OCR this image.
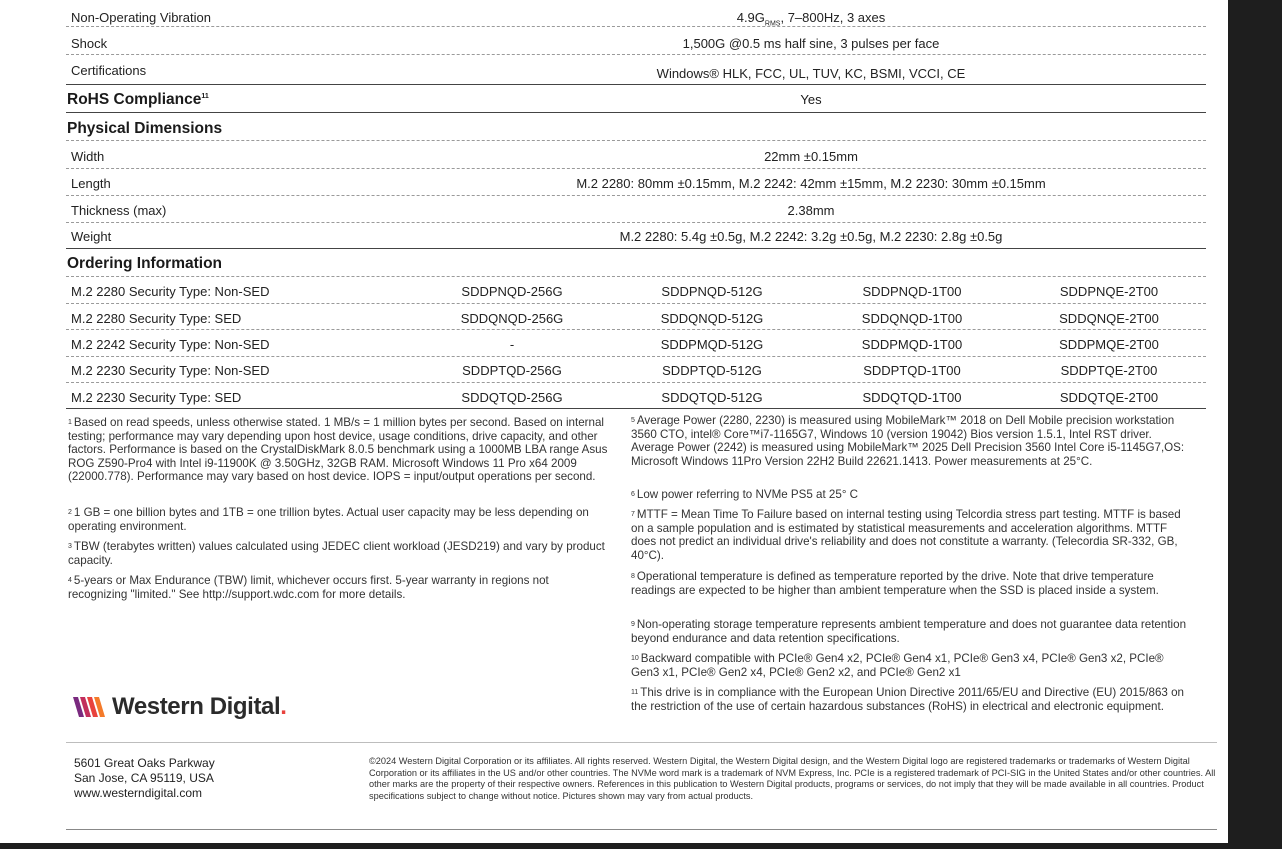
Non-Operating Vibration	$4.9G_{RMS}$, 7–800Hz, 3 axes
Shock	1,500G @0.5 ms half sine, 3 pulses per face
Certifications	Windows® HLK, FCC, UL, TUV, KC, BSMI, VCCI, CE
RoHS Compliance$^{11}$	Yes
Physical Dimensions
Width	22mm ±0.15mm
Length	M.2 2280: 80mm ±0.15mm, M.2 2242: 42mm ±15mm, M.2 2230: 30mm ±0.15mm
Thickness (max)	2.38mm
Weight	M.2 2280: 5.4g ±0.5g, M.2 2242: 3.2g ±0.5g, M.2 2230: 2.8g ±0.5g
Ordering Information
M.2 2280 Security Type: Non-SED	SDDPNQD-256G	SDDPNQD-512G	SDDPNQD-1T00	SDDPNQE-2T00
M.2 2280 Security Type: SED	SDDQNQD-256G	SDDQNQD-512G	SDDQNQD-1T00	SDDQNQE-2T00
M.2 2242 Security Type: Non-SED	-	SDDPMQD-512G	SDDPMQD-1T00	SDDPMQE-2T00
M.2 2230 Security Type: Non-SED	SDDPTQD-256G	SDDPTQD-512G	SDDPTQD-1T00	SDDPTQE-2T00
M.2 2230 Security Type: SED	SDDQTQD-256G	SDDQTQD-512G	SDDQTQD-1T00	SDDQTQE-2T00
$^1$ Based on read speeds, unless otherwise stated. 1 MB/s = 1 million bytes per second. Based on internal testing; performance may vary depending upon host device, usage conditions, drive capacity, and other factors. Performance is based on the CrystalDiskMark 8.0.5 benchmark using a 1000MB LBA range Asus ROG Z590-Pro4 with Intel i9-11900K @ 3.50GHz, 32GB RAM. Microsoft Windows 11 Pro x64 2009 (22000.778). Performance may vary based on host device. IOPS = input/output operations per second.
$^2$ 1 GB = one billion bytes and 1TB = one trillion bytes. Actual user capacity may be less depending on operating environment.
$^3$ TBW (terabytes written) values calculated using JEDEC client workload (JESD219) and vary by product capacity.
$^4$ 5-years or Max Endurance (TBW) limit, whichever occurs first. 5-year warranty in regions not recognizing "limited." See http://support.wdc.com for more details.
$^5$ Average Power (2280, 2230) is measured using MobileMark™ 2018 on Dell Mobile precision workstation 3560 CTO, intel® Core™i7-1165G7, Windows 10 (version 19042) Bios version 1.5.1, Intel RST driver. Average Power (2242) is measured using MobileMark™ 2025 Dell Precision 3560 Intel Core i5-1145G7,OS: Microsoft Windows 11Pro Version 22H2 Build 22621.1413. Power measurements at 25°C.
$^6$ Low power referring to NVMe PS5 at 25° C
$^7$ MTTF = Mean Time To Failure based on internal testing using Telcordia stress part testing. MTTF is based on a sample population and is estimated by statistical measurements and acceleration algorithms. MTTF does not predict an individual drive's reliability and does not constitute a warranty. (Telecordia SR-332, GB, 40°C).
$^8$ Operational temperature is defined as temperature reported by the drive. Note that drive temperature readings are expected to be higher than ambient temperature when the SSD is placed inside a system.
$^9$ Non-operating storage temperature represents ambient temperature and does not guarantee data retention beyond endurance and data retention specifications.
$^{10}$ Backward compatible with PCIe® Gen4 x2, PCIe® Gen4 x1, PCIe® Gen3 x4, PCIe® Gen3 x2, PCIe® Gen3 x1, PCIe® Gen2 x4, PCIe® Gen2 x2, and PCIe® Gen2 x1
$^{11}$ This drive is in compliance with the European Union Directive 2011/65/EU and Directive (EU) 2015/863 on the restriction of the use of certain hazardous substances (RoHS) in electrical and electronic equipment.
Western Digital.
5601 Great Oaks Parkway
San Jose, CA 95119, USA
www.westerndigital.com
©2024 Western Digital Corporation or its affiliates. All rights reserved. Western Digital, the Western Digital design, and the Western Digital logo are registered trademarks or trademarks of Western Digital Corporation or its affiliates in the US and/or other countries. The NVMe word mark is a trademark of NVM Express, Inc. PCIe is a registered trademark of PCI-SIG in the United States and/or other countries. All other marks are the property of their respective owners. References in this publication to Western Digital products, programs or services, do not imply that they will be made available in all countries. Product specifications subject to change without notice. Pictures shown may vary from actual products.
